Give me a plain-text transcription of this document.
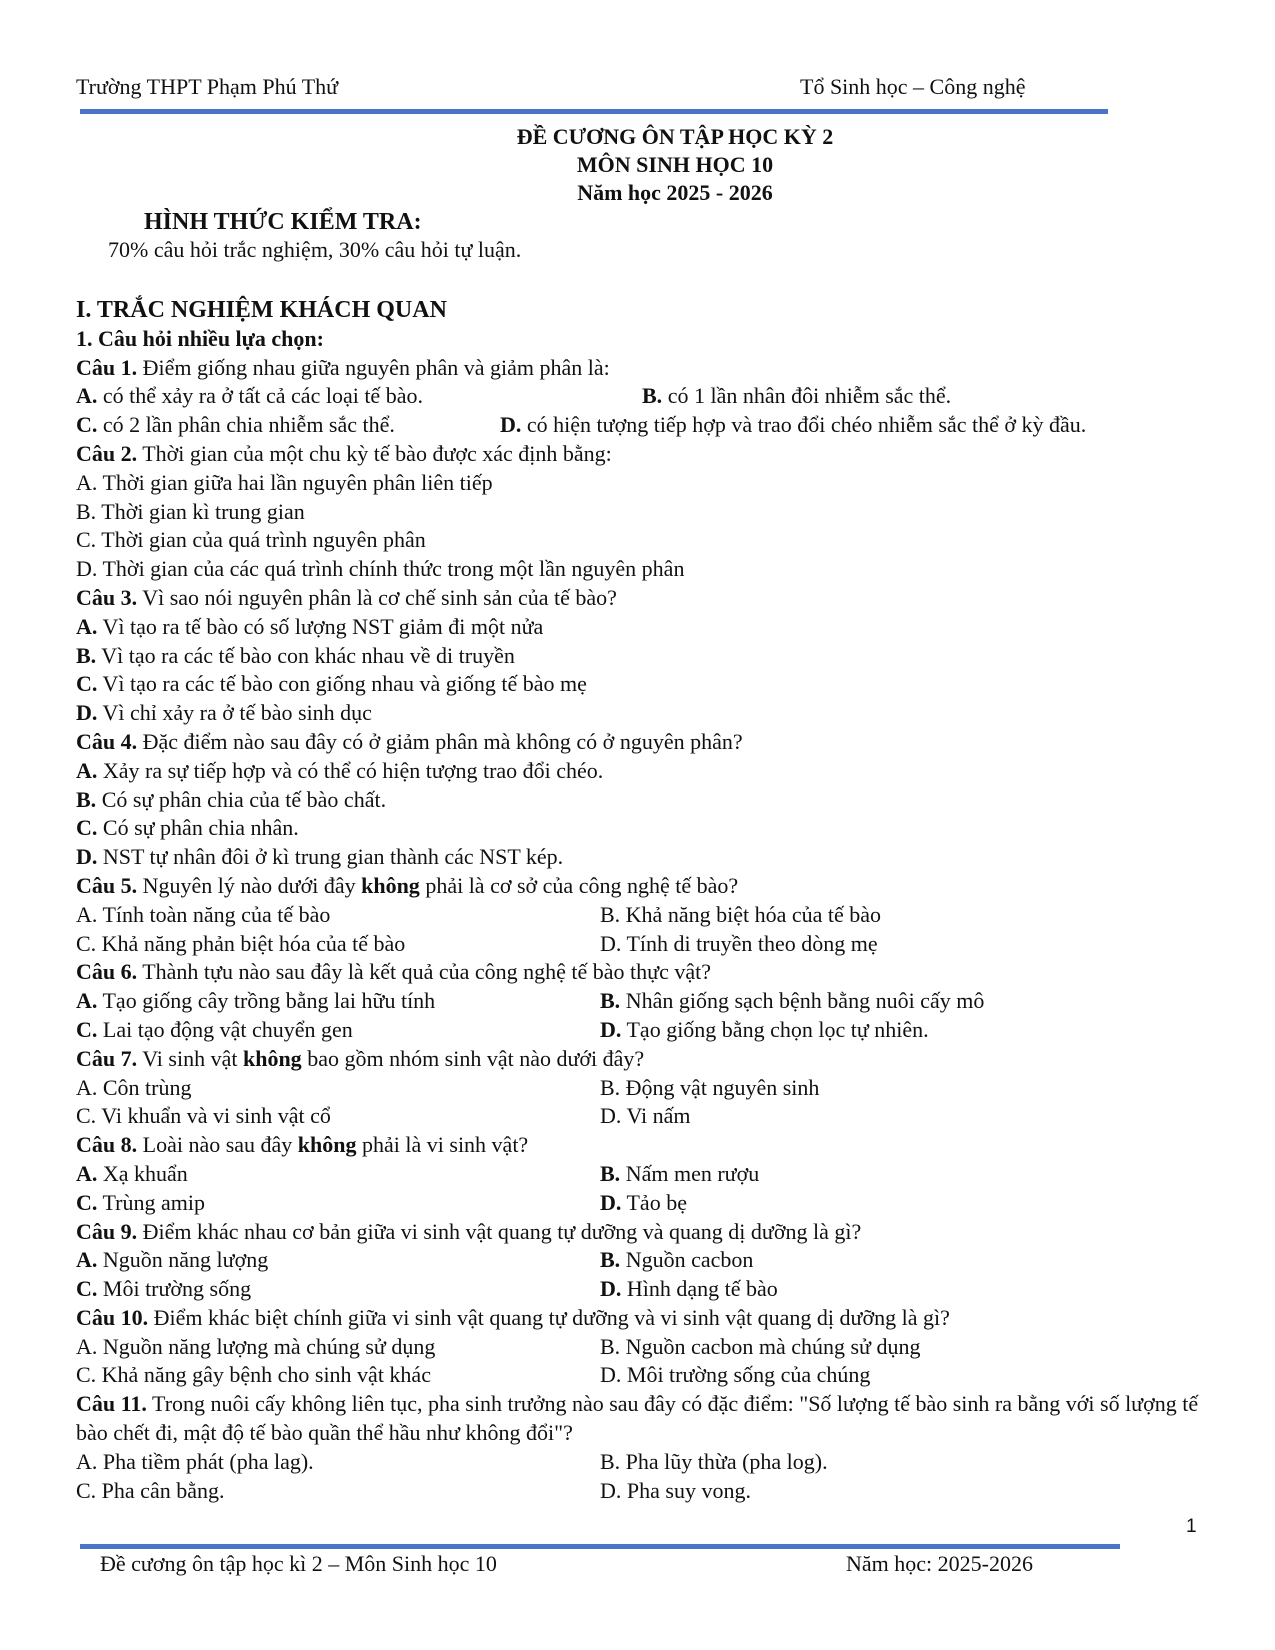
Trường THPT Phạm Phú Thứ	Tổ Sinh học – Công nghệ
ĐỀ CƯƠNG ÔN TẬP HỌC KỲ 2
MÔN SINH HỌC 10
Năm học 2025 - 2026
HÌNH THỨC KIỂM TRA:
70% câu hỏi trắc nghiệm, 30% câu hỏi tự luận.
I. TRẮC NGHIỆM KHÁCH QUAN
1. Câu hỏi nhiều lựa chọn:
Câu 1. Điểm giống nhau giữa nguyên phân và giảm phân là:
A. có thể xảy ra ở tất cả các loại tế bào.	B. có 1 lần nhân đôi nhiễm sắc thể.
C. có 2 lần phân chia nhiễm sắc thể.	D. có hiện tượng tiếp hợp và trao đổi chéo nhiễm sắc thể ở kỳ đầu.
Câu 2. Thời gian của một chu kỳ tế bào được xác định bằng:
A. Thời gian giữa hai lần nguyên phân liên tiếp
B. Thời gian kì trung gian
C. Thời gian của quá trình nguyên phân
D. Thời gian của các quá trình chính thức trong một lần nguyên phân
Câu 3. Vì sao nói nguyên phân là cơ chế sinh sản của tế bào?
A. Vì tạo ra tế bào có số lượng NST giảm đi một nửa
B. Vì tạo ra các tế bào con khác nhau về di truyền
C. Vì tạo ra các tế bào con giống nhau và giống tế bào mẹ
D. Vì chỉ xảy ra ở tế bào sinh dục
Câu 4. Đặc điểm nào sau đây có ở giảm phân mà không có ở nguyên phân?
A. Xảy ra sự tiếp hợp và có thể có hiện tượng trao đổi chéo.
B. Có sự phân chia của tế bào chất.
C. Có sự phân chia nhân.
D. NST tự nhân đôi ở kì trung gian thành các NST kép.
Câu 5. Nguyên lý nào dưới đây không phải là cơ sở của công nghệ tế bào?
A. Tính toàn năng của tế bào	B. Khả năng biệt hóa của tế bào
C. Khả năng phản biệt hóa của tế bào	D. Tính di truyền theo dòng mẹ
Câu 6. Thành tựu nào sau đây là kết quả của công nghệ tế bào thực vật?
A. Tạo giống cây trồng bằng lai hữu tính	B. Nhân giống sạch bệnh bằng nuôi cấy mô
C. Lai tạo động vật chuyển gen	D. Tạo giống bằng chọn lọc tự nhiên.
Câu 7. Vi sinh vật không bao gồm nhóm sinh vật nào dưới đây?
A. Côn trùng	B. Động vật nguyên sinh
C. Vi khuẩn và vi sinh vật cổ	D. Vi nấm
Câu 8. Loài nào sau đây không phải là vi sinh vật?
A. Xạ khuẩn	B. Nấm men rượu
C. Trùng amip	D. Tảo bẹ
Câu 9. Điểm khác nhau cơ bản giữa vi sinh vật quang tự dưỡng và quang dị dưỡng là gì?
A. Nguồn năng lượng	B. Nguồn cacbon
C. Môi trường sống	D. Hình dạng tế bào
Câu 10. Điểm khác biệt chính giữa vi sinh vật quang tự dưỡng và vi sinh vật quang dị dưỡng là gì?
A. Nguồn năng lượng mà chúng sử dụng	B. Nguồn cacbon mà chúng sử dụng
C. Khả năng gây bệnh cho sinh vật khác	D. Môi trường sống của chúng
Câu 11. Trong nuôi cấy không liên tục, pha sinh trưởng nào sau đây có đặc điểm: "Số lượng tế bào sinh ra bằng với số lượng tế bào chết đi, mật độ tế bào quần thể hầu như không đổi"?
A. Pha tiềm phát (pha lag).	B. Pha lũy thừa (pha log).
C. Pha cân bằng.	D. Pha suy vong.
1
Đề cương ôn tập học kì 2 – Môn Sinh học 10	Năm học: 2025-2026
